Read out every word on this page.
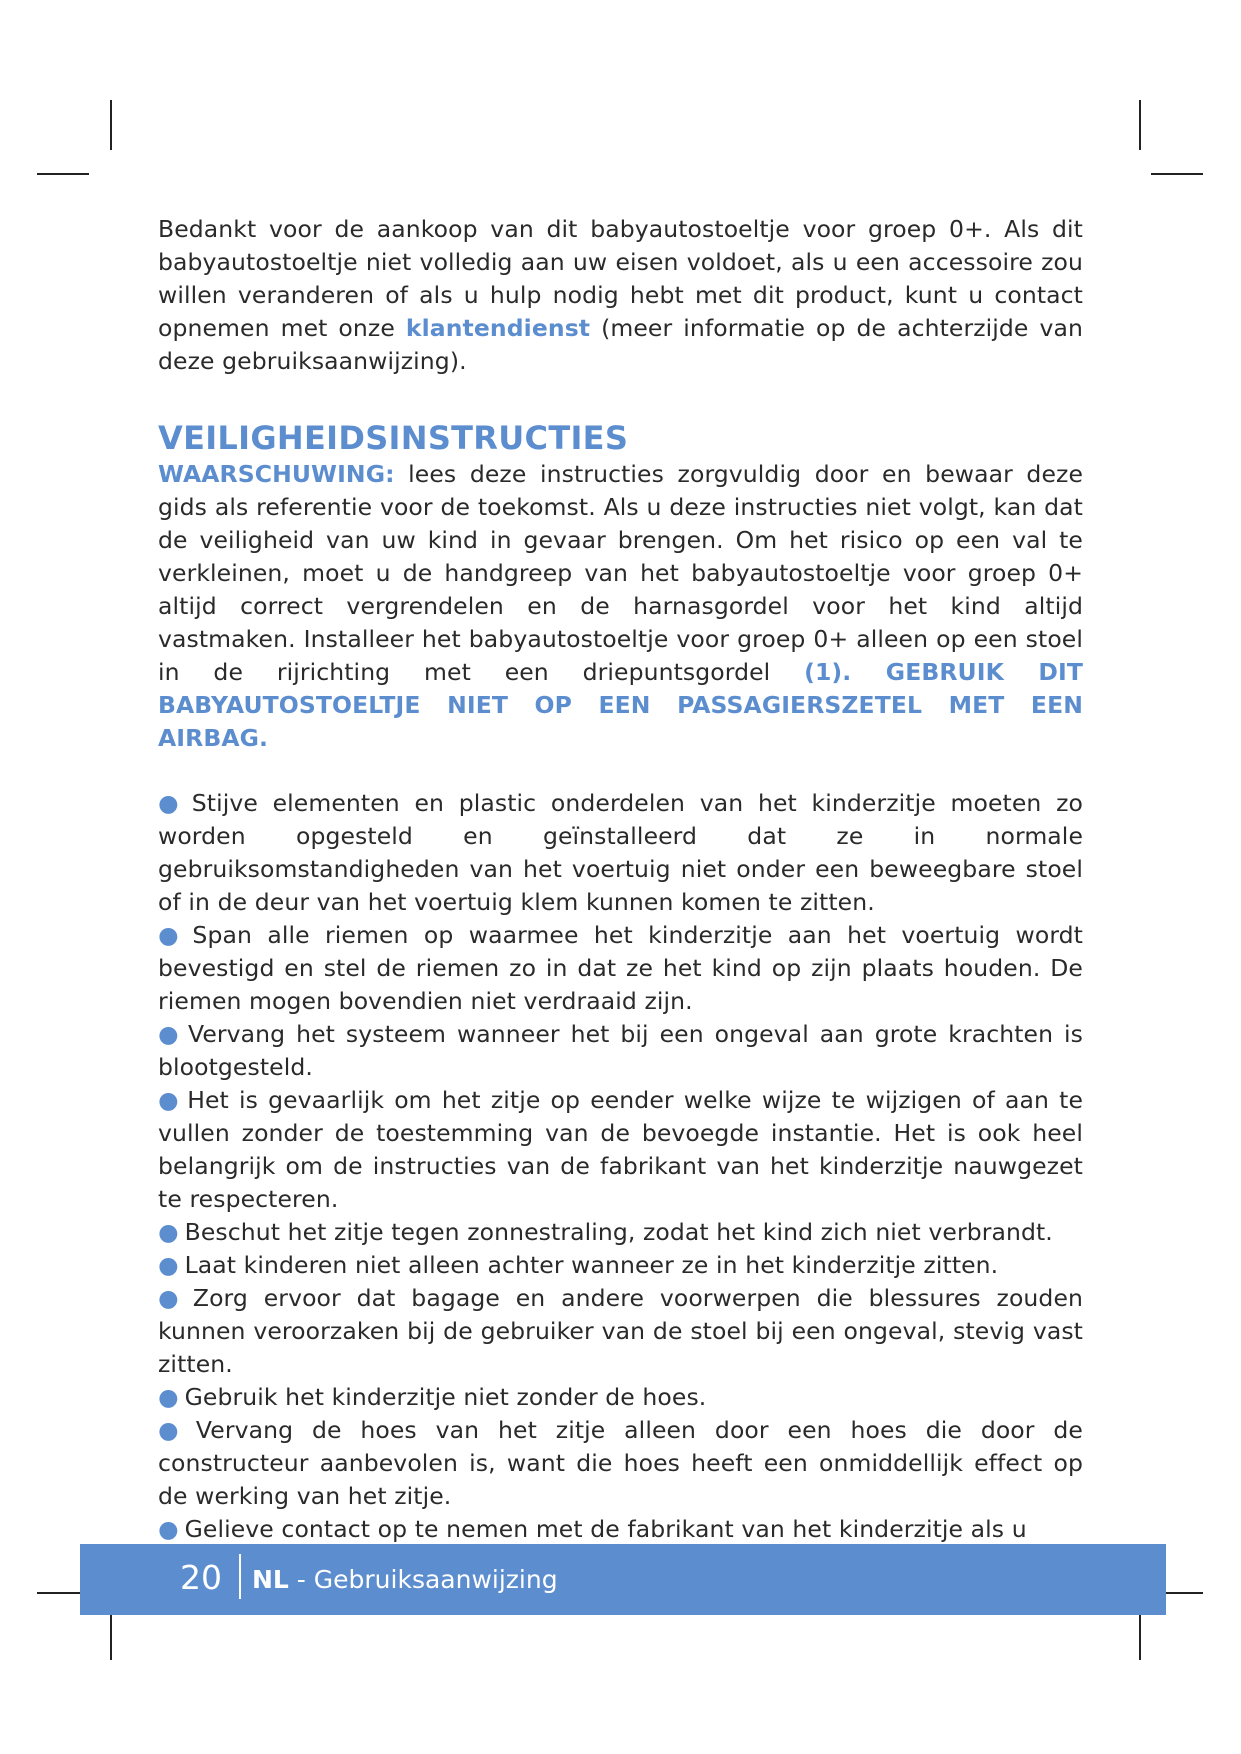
Bedankt voor de aankoop van dit babyautostoeltje voor groep 0+. Als dit babyautostoeltje niet volledig aan uw eisen voldoet, als u een accessoire zou willen veranderen of als u hulp nodig hebt met dit product, kunt u contact opnemen met onze klantendienst (meer informatie op de achterzijde van deze gebruiksaanwijzing).

VEILIGHEIDSINSTRUCTIES

WAARSCHUWING: lees deze instructies zorgvuldig door en bewaar deze gids als referentie voor de toekomst. Als u deze instructies niet volgt, kan dat de veiligheid van uw kind in gevaar brengen. Om het risico op een val te verkleinen, moet u de handgreep van het babyautostoeltje voor groep 0+ altijd correct vergrendelen en de harnasgordel voor het kind altijd vastmaken. Installeer het babyautostoeltje voor groep 0+ alleen op een stoel in de rijrichting met een driepuntsgordel (1). GEBRUIK DIT BABYAUTOSTOELTJE NIET OP EEN PASSAGIERSZETEL MET EEN AIRBAG.

● Stijve elementen en plastic onderdelen van het kinderzitje moeten zo worden opgesteld en geïnstalleerd dat ze in normale gebruiksomstandigheden van het voertuig niet onder een beweegbare stoel of in de deur van het voertuig klem kunnen komen te zitten.
● Span alle riemen op waarmee het kinderzitje aan het voertuig wordt bevestigd en stel de riemen zo in dat ze het kind op zijn plaats houden. De riemen mogen bovendien niet verdraaid zijn.
● Vervang het systeem wanneer het bij een ongeval aan grote krachten is blootgesteld.
● Het is gevaarlijk om het zitje op eender welke wijze te wijzigen of aan te vullen zonder de toestemming van de bevoegde instantie. Het is ook heel belangrijk om de instructies van de fabrikant van het kinderzitje nauwgezet te respecteren.
● Beschut het zitje tegen zonnestraling, zodat het kind zich niet verbrandt.
● Laat kinderen niet alleen achter wanneer ze in het kinderzitje zitten.
● Zorg ervoor dat bagage en andere voorwerpen die blessures zouden kunnen veroorzaken bij de gebruiker van de stoel bij een ongeval, stevig vast zitten.
● Gebruik het kinderzitje niet zonder de hoes.
● Vervang de hoes van het zitje alleen door een hoes die door de constructeur aanbevolen is, want die hoes heeft een onmiddellijk effect op de werking van het zitje.
● Gelieve contact op te nemen met de fabrikant van het kinderzitje als u
20 NL - Gebruiksaanwijzing
